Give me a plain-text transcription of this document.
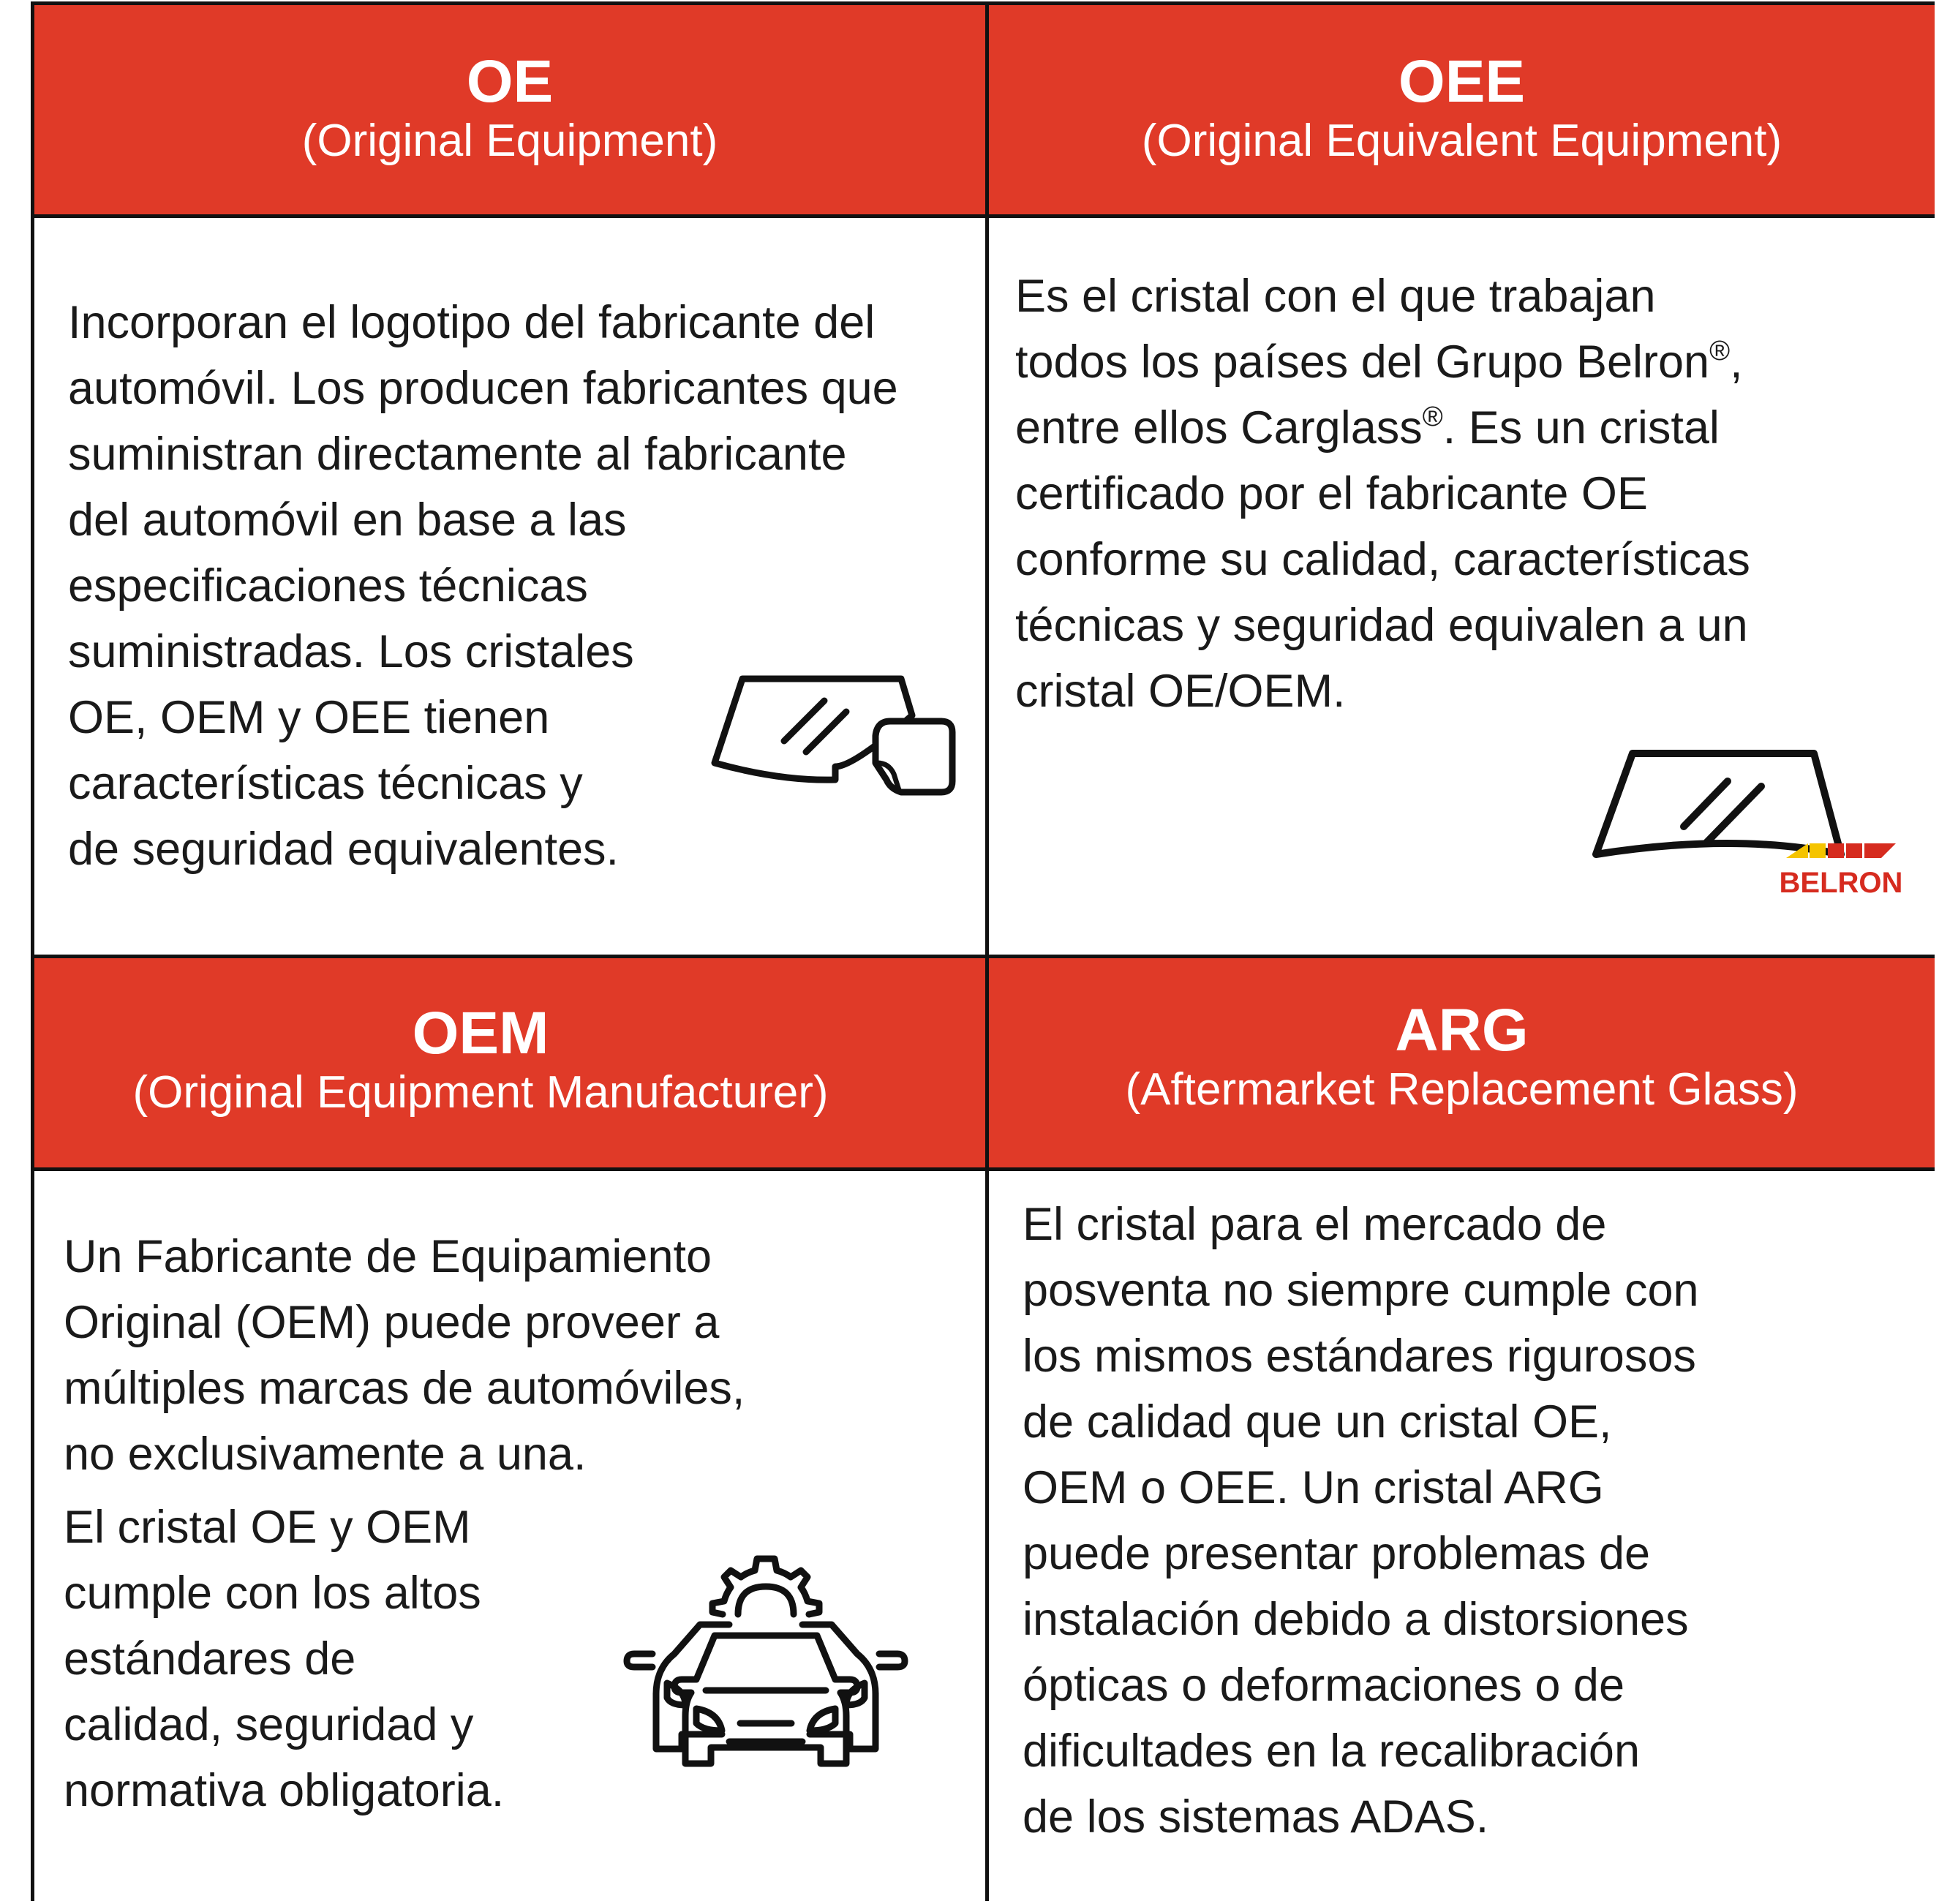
OE
(Original Equipment)
OEE
(Original Equivalent Equipment)

Incorporan el logotipo del fabricante del

automóvil. Los producen fabricantes que

suministran directamente al fabricante

del automóvil en base a las

especificaciones técnicas

suministradas. Los cristales

OE, OEM y OEE tienen

características técnicas y

de seguridad equivalentes.

Es el cristal con el que trabajan

todos los países del Grupo Belron®,

entre ellos Carglass®. Es un cristal

certificado por el fabricante OE

conforme su calidad, características

técnicas y seguridad equivalen a un

cristal OE/OEM.

BELRON
OEM
(Original Equipment Manufacturer)
ARG
(Aftermarket Replacement Glass)

Un Fabricante de Equipamiento

Original (OEM) puede proveer a

múltiples marcas de automóviles,

no exclusivamente a una.

El cristal OE y OEM

cumple con los altos

estándares de

calidad, seguridad y

normativa obligatoria.

El cristal para el mercado de

posventa no siempre cumple con

los mismos estándares rigurosos

de calidad que un cristal OE,

OEM o OEE. Un cristal ARG

puede presentar problemas de

instalación debido a distorsiones

ópticas o deformaciones o de

dificultades en la recalibración

de los sistemas ADAS.
